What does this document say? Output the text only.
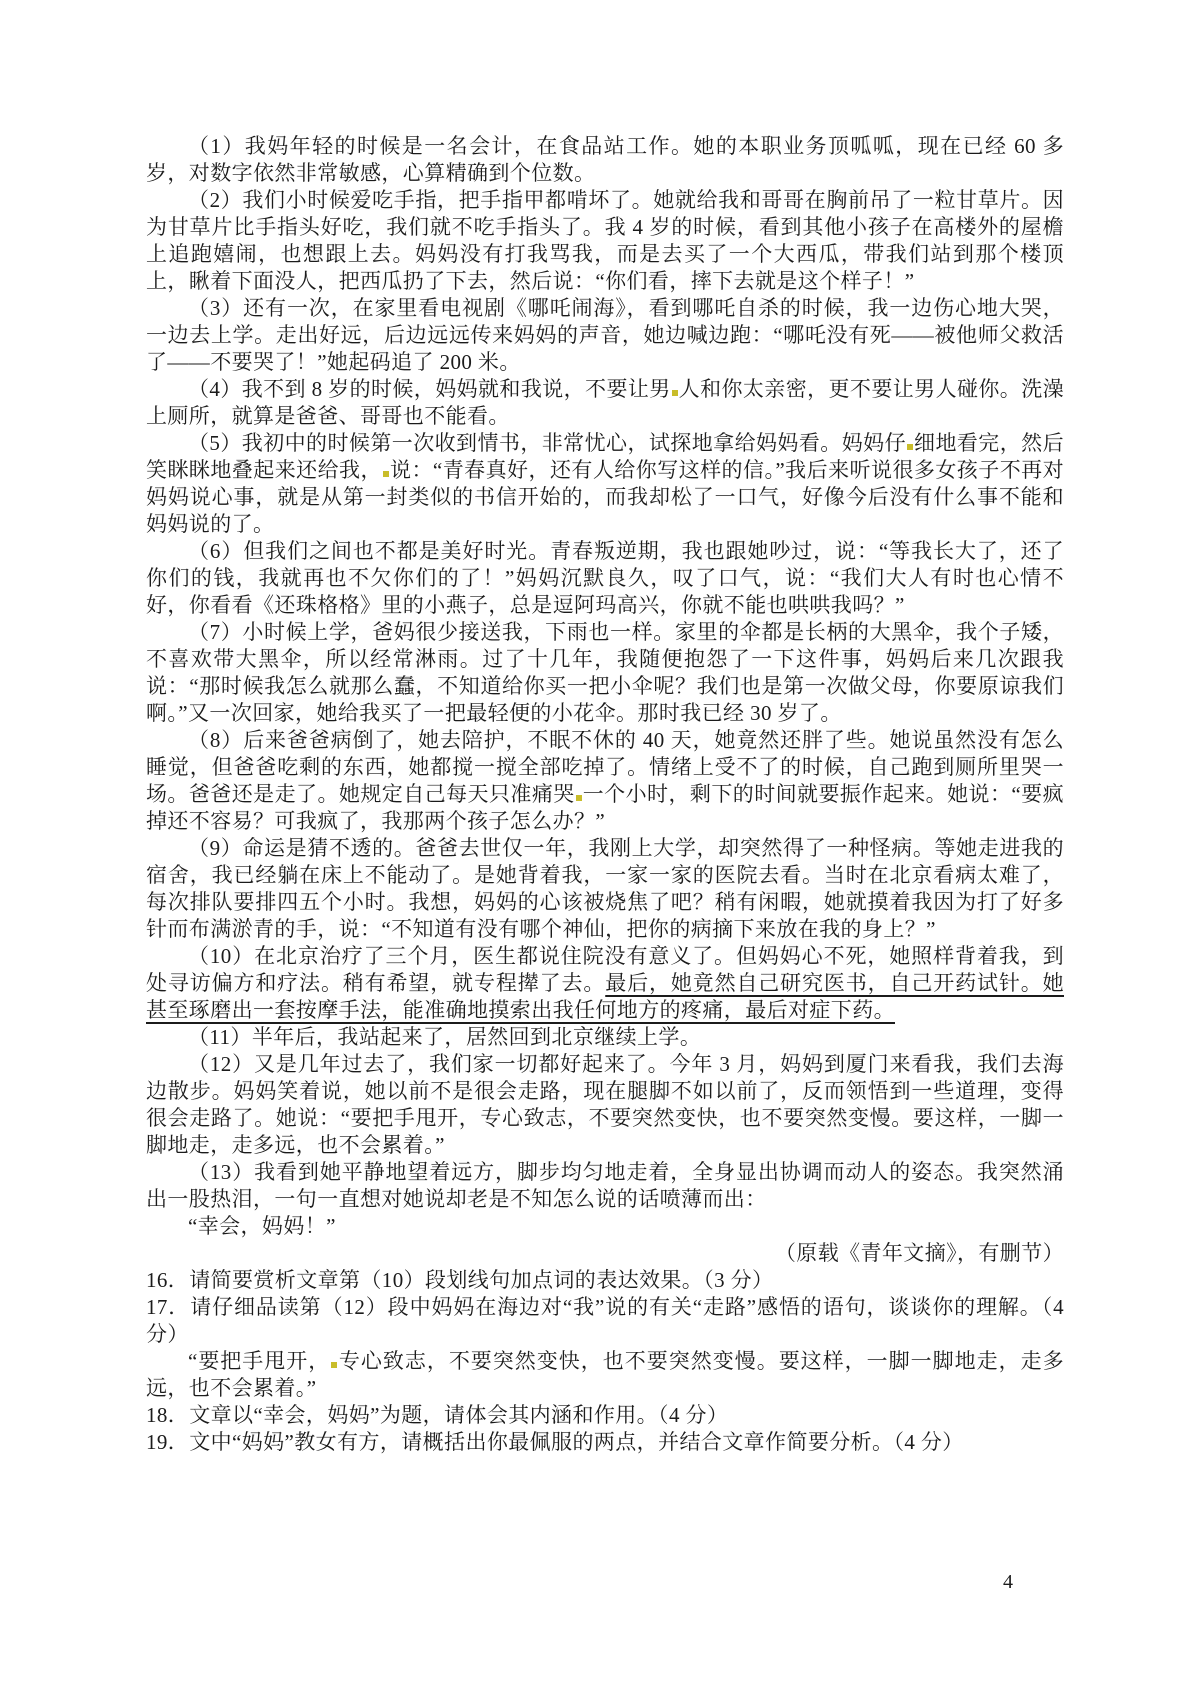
（1）我妈年轻的时候是一名会计，在食品站工作。她的本职业务顶呱呱，现在已经 60 多岁，对数字依然非常敏感，心算精确到个位数。

（2）我们小时候爱吃手指，把手指甲都啃坏了。她就给我和哥哥在胸前吊了一粒甘草片。因为甘草片比手指头好吃，我们就不吃手指头了。我 4 岁的时候，看到其他小孩子在高楼外的屋檐上追跑嬉闹，也想跟上去。妈妈没有打我骂我，而是去买了一个大西瓜，带我们站到那个楼顶上，瞅着下面没人，把西瓜扔了下去，然后说：“你们看，摔下去就是这个样子！”

（3）还有一次，在家里看电视剧《哪吒闹海》，看到哪吒自杀的时候，我一边伤心地大哭，一边去上学。走出好远，后边远远传来妈妈的声音，她边喊边跑：“哪吒没有死——被他师父救活了——不要哭了！”她起码追了 200 米。

（4）我不到 8 岁的时候，妈妈就和我说，不要让男 人和你太亲密，更不要让男人碰你。洗澡上厕所，就算是爸爸、哥哥也不能看。

（5）我初中的时候第一次收到情书，非常忧心，试探地拿给妈妈看。妈妈仔 细地看完，然后笑眯眯地叠起来还给我， 说：“青春真好，还有人给你写这样的信。”我后来听说很多女孩子不再对妈妈说心事，就是从第一封类似的书信开始的，而我却松了一口气，好像今后没有什么事不能和妈妈说的了。

（6）但我们之间也不都是美好时光。青春叛逆期，我也跟她吵过，说：“等我长大了，还了你们的钱，我就再也不欠你们的了！”妈妈沉默良久，叹了口气，说：“我们大人有时也心情不好，你看看《还珠格格》里的小燕子，总是逗阿玛高兴，你就不能也哄哄我吗？”

（7）小时候上学，爸妈很少接送我，下雨也一样。家里的伞都是长柄的大黑伞，我个子矮，不喜欢带大黑伞，所以经常淋雨。过了十几年，我随便抱怨了一下这件事，妈妈后来几次跟我说：“那时候我怎么就那么蠢，不知道给你买一把小伞呢？我们也是第一次做父母，你要原谅我们啊。”又一次回家，她给我买了一把最轻便的小花伞。那时我已经 30 岁了。

（8）后来爸爸病倒了，她去陪护，不眠不休的 40 天，她竟然还胖了些。她说虽然没有怎么睡觉，但爸爸吃剩的东西，她都搅一搅全部吃掉了。情绪上受不了的时候，自己跑到厕所里哭一场。爸爸还是走了。她规定自己每天只准痛哭 一个小时，剩下的时间就要振作起来。她说：“要疯掉还不容易？可我疯了，我那两个孩子怎么办？”

（9）命运是猜不透的。爸爸去世仅一年，我刚上大学，却突然得了一种怪病。等她走进我的宿舍，我已经躺在床上不能动了。是她背着我，一家一家的医院去看。当时在北京看病太难了，每次排队要排四五个小时。我想，妈妈的心该被烧焦了吧？稍有闲暇，她就摸着我因为打了好多针而布满淤青的手，说：“不知道有没有哪个神仙，把你的病摘下来放在我的身上？”

（10）在北京治疗了三个月，医生都说住院没有意义了。但妈妈心不死，她照样背着我，到处寻访偏方和疗法。稍有希望，就专程撵了去。最后，她竟然自己研究医书，自己开药试针。她甚至琢磨出一套按摩手法，能准确地摸索出我任何地方的疼痛，最后对症下药。

（11）半年后，我站起来了，居然回到北京继续上学。

（12）又是几年过去了，我们家一切都好起来了。今年 3 月，妈妈到厦门来看我，我们去海边散步。妈妈笑着说，她以前不是很会走路，现在腿脚不如以前了，反而领悟到一些道理，变得很会走路了。她说：“要把手甩开，专心致志，不要突然变快，也不要突然变慢。要这样，一脚一脚地走，走多远，也不会累着。”

（13）我看到她平静地望着远方，脚步均匀地走着，全身显出协调而动人的姿态。我突然涌出一股热泪，一句一直想对她说却老是不知怎么说的话喷薄而出：

“幸会，妈妈！”

（原载《青年文摘》，有删节）

16．请简要赏析文章第（10）段划线句加点词的表达效果。（3 分）

17．请仔细品读第（12）段中妈妈在海边对“我”说的有关“走路”感悟的语句，谈谈你的理解。（4 分）

“要把手甩开， 专心致志，不要突然变快，也不要突然变慢。要这样，一脚一脚地走，走多远，也不会累着。”

18．文章以“幸会，妈妈”为题，请体会其内涵和作用。（4 分）

19．文中“妈妈”教女有方，请概括出你最佩服的两点，并结合文章作简要分析。（4 分）

4
